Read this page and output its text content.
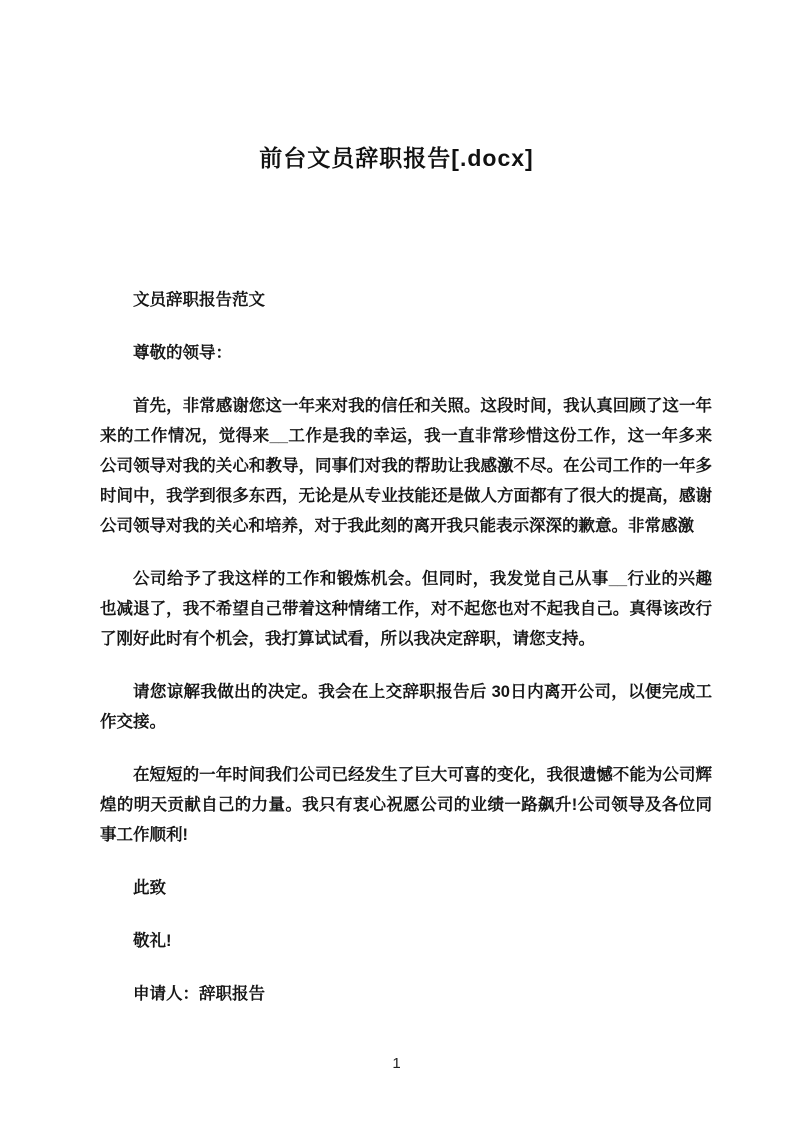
前台文员辞职报告[.docx]

文员辞职报告范文

尊敬的领导：

首先，非常感谢您这一年来对我的信任和关照。这段时间，我认真回顾了这一年来的工作情况，觉得来__工作是我的幸运，我一直非常珍惜这份工作，这一年多来公司领导对我的关心和教导，同事们对我的帮助让我感激不尽。在公司工作的一年多时间中，我学到很多东西，无论是从专业技能还是做人方面都有了很大的提高，感谢公司领导对我的关心和培养，对于我此刻的离开我只能表示深深的歉意。非常感激

公司给予了我这样的工作和锻炼机会。但同时，我发觉自己从事__行业的兴趣也减退了，我不希望自己带着这种情绪工作，对不起您也对不起我自己。真得该改行了刚好此时有个机会，我打算试试看，所以我决定辞职，请您支持。

请您谅解我做出的决定。我会在上交辞职报告后 30日内离开公司，以便完成工作交接。

在短短的一年时间我们公司已经发生了巨大可喜的变化，我很遗憾不能为公司辉煌的明天贡献自己的力量。我只有衷心祝愿公司的业绩一路飙升!公司领导及各位同事工作顺利!

此致

敬礼!

申请人：辞职报告

1
